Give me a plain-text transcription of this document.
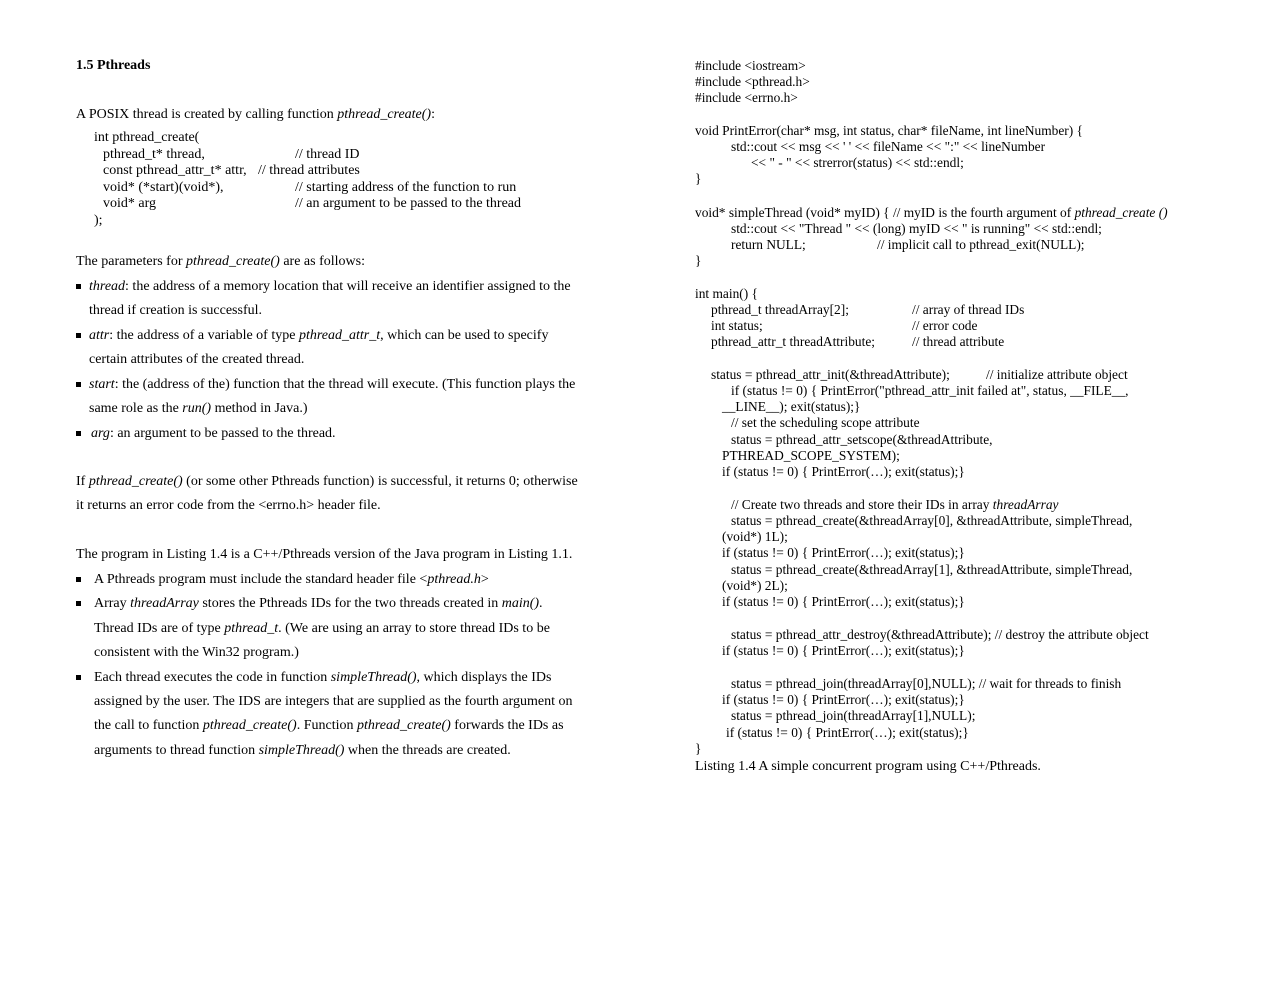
1.5 Pthreads
A POSIX thread is created by calling function pthread_create():
int pthread_create(
pthread_t* thread,	// thread ID
const pthread_attr_t* attr, // thread attributes
void* (*start)(void*),	// starting address of the function to run
void* arg	// an argument to be passed to the thread
);
The parameters for pthread_create() are as follows:
thread: the address of a memory location that will receive an identifier assigned to the
thread if creation is successful.
attr: the address of a variable of type pthread_attr_t, which can be used to specify
certain attributes of the created thread.
start: the (address of the) function that the thread will execute. (This function plays the
same role as the run() method in Java.)
arg: an argument to be passed to the thread.
If pthread_create() (or some other Pthreads function) is successful, it returns 0; otherwise
it returns an error code from the <errno.h> header file.
The program in Listing 1.4 is a C++/Pthreads version of the Java program in Listing 1.1.
A Pthreads program must include the standard header file <pthread.h>
Array threadArray stores the Pthreads IDs for the two threads created in main().
Thread IDs are of type pthread_t. (We are using an array to store thread IDs to be
consistent with the Win32 program.)
Each thread executes the code in function simpleThread(), which displays the IDs
assigned by the user. The IDS are integers that are supplied as the fourth argument on
the call to function pthread_create(). Function pthread_create() forwards the IDs as
arguments to thread function simpleThread() when the threads are created.
#include <iostream>
#include <pthread.h>
#include <errno.h>
void PrintError(char* msg, int status, char* fileName, int lineNumber) {
std::cout << msg << ' ' << fileName << ":" << lineNumber
<< " - " << strerror(status) << std::endl;
}
void* simpleThread (void* myID) { // myID is the fourth argument of pthread_create ()
std::cout << "Thread " << (long) myID << " is running" << std::endl;
return NULL;	// implicit call to pthread_exit(NULL);
}
int main() {
pthread_t threadArray[2];	// array of thread IDs
int status;	// error code
pthread_attr_t threadAttribute;	// thread attribute
status = pthread_attr_init(&threadAttribute);	// initialize attribute object
if (status != 0) { PrintError("pthread_attr_init failed at", status, __FILE__,
__LINE__); exit(status);}
// set the scheduling scope attribute
status = pthread_attr_setscope(&threadAttribute,
PTHREAD_SCOPE_SYSTEM);
if (status != 0) { PrintError(…); exit(status);}
// Create two threads and store their IDs in array threadArray
status = pthread_create(&threadArray[0], &threadAttribute, simpleThread,
(void*) 1L);
if (status != 0) { PrintError(…); exit(status);}
status = pthread_create(&threadArray[1], &threadAttribute, simpleThread,
(void*) 2L);
if (status != 0) { PrintError(…); exit(status);}
status = pthread_attr_destroy(&threadAttribute); // destroy the attribute object
if (status != 0) { PrintError(…); exit(status);}
status = pthread_join(threadArray[0],NULL); // wait for threads to finish
if (status != 0) { PrintError(…); exit(status);}
status = pthread_join(threadArray[1],NULL);
if (status != 0) { PrintError(…); exit(status);}
}
Listing 1.4 A simple concurrent program using C++/Pthreads.
